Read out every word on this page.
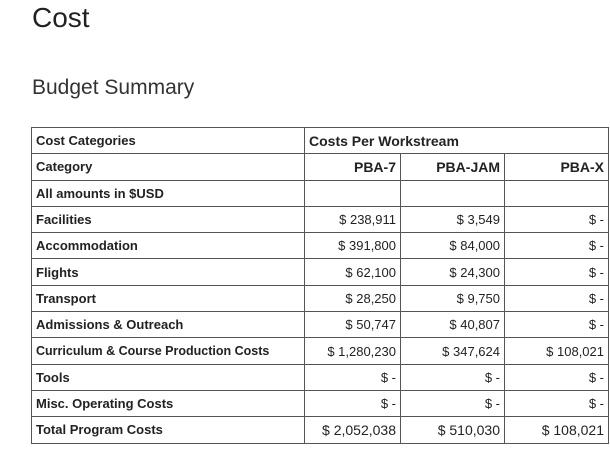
Cost
Budget Summary
Cost Categories	Costs Per Workstream		
Category	PBA-7	PBA-JAM	PBA-X
All amounts in $USD			
Facilities	$ 238,911	$ 3,549	$ -
Accommodation	$ 391,800	$ 84,000	$ -
Flights	$ 62,100	$ 24,300	$ -
Transport	$ 28,250	$ 9,750	$ -
Admissions & Outreach	$ 50,747	$ 40,807	$ -
Curriculum & Course Production Costs	$ 1,280,230	$ 347,624	$ 108,021
Tools	$ -	$ -	$ -
Misc. Operating Costs	$ -	$ -	$ -
Total Program Costs	$ 2,052,038	$ 510,030	$ 108,021
